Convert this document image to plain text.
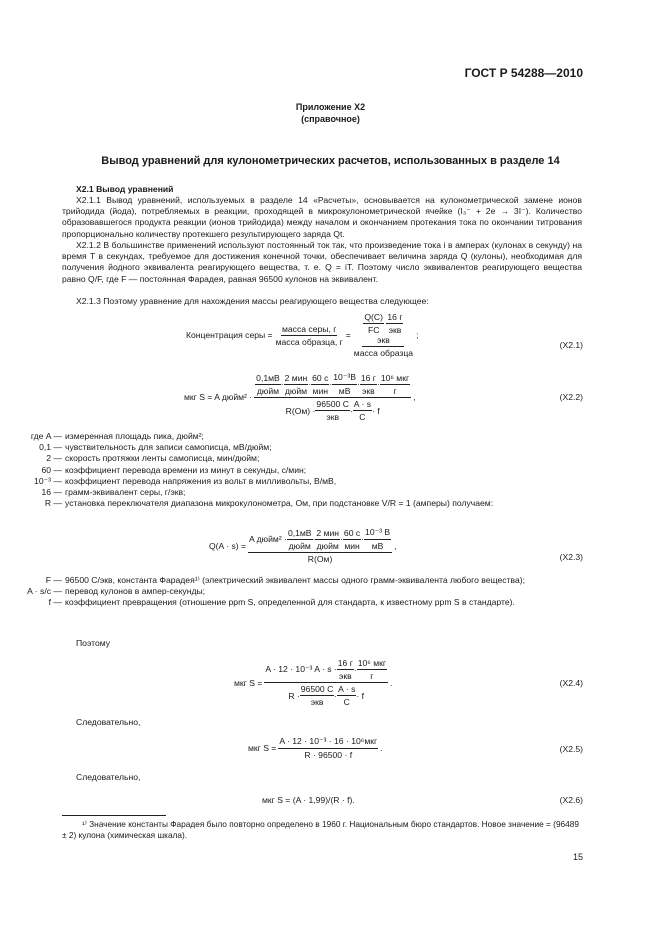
ГОСТ Р 54288—2010
Приложение X2
(справочное)
Вывод уравнений для кулонометрических расчетов, использованных в разделе 14
X2.1 Вывод уравнений
X2.1.1 Вывод уравнений, используемых в разделе 14 «Расчеты», основывается на кулонометрической замене ионов трийодида (йода), потребляемых в реакции, проходящей в микрокулонометрической ячейке (I₃⁻ + 2e → 3I⁻). Количество образовавшегося продукта реакции (ионов трийодида) между началом и окончанием протекания тока по окончании титрования пропорционально количеству протекшего результирующего заряда Qt.
X2.1.2 В большинстве применений используют постоянный ток так, что произведение тока i в амперах (кулонах в секунду) на время T в секундах, требуемое для достижения конечной точки, обеспечивает величина заряда Q (кулоны), необходимая для получения йодного эквивалента реагирующего вещества, т. е. Q = iT. Поэтому число эквивалентов реагирующего вещества равно Q/F, где F — постоянная Фарадея, равная 96500 кулонов на эквивалент.
X2.1.3 Поэтому уравнение для нахождения массы реагирующего вещества следующее:
Концентрация серы = $\frac{\text{масса серы, г}}{\text{масса образца, г}} = \frac{Q(C)}{FC}$
$\frac{16 г}{\text{экв}}$
экв
масса образца ;
(X2.1)
мкг S = A дюйм² ·
$\frac{0,1мВ}{\text{дюйм}} \cdot \frac{\text{2 мин}}{\text{дюйм}} \cdot \frac{60 с}{\text{мин}} \cdot \frac{\text{10⁻³В}}{мВ} \cdot \frac{16 г}{\text{экв}} \cdot \frac{\text{10⁶ мкг}}{г}$
$R(Ом) \cdot \frac{96500 C}{\text{экв}} \cdot \frac{A \cdot s}{C} \cdot f$
,	(X2.2)
где A — измеренная площадь пика, дюйм²;
0,1 — чувствительность для записи самописца, мВ/дюйм;
2 — скорость протяжки ленты самописца, мин/дюйм;
60 — коэффициент перевода времени из минут в секунды, с/мин;
10⁻³ — коэффициент перевода напряжения из вольт в милливольты, В/мВ,
16 — грамм-эквивалент серы, г/экв;
R — установка переключателя диапазона микрокулонометра, Ом, при подстановке V/R = 1 (амперы) получаем:
Q(A · s) =
A дюйм² · $\frac{0,1мВ}{\text{дюйм}} \cdot \frac{\text{2 мин}}{\text{дюйм}} \cdot \frac{60 с}{\text{мин}} \cdot \frac{\text{10⁻³ В}}{мВ}$
R(Ом)
,
(X2.3)
F — 96500 C/экв, константа Фарадея¹⁾ (электрический эквивалент массы одного грамм-эквивалента любого вещества);
A · s/c — перевод кулонов в ампер-секунды;
f — коэффициент превращения (отношение ppm S, определенной для стандарта, к известному ppm S в стандарте).
Поэтому
мкг $S = \frac{A \cdot 12 \cdot 10^{-3} A \cdot s \cdot \frac{16 г}{\text{экв}} \cdot \frac{\text{10⁶ мкг}}{г}}{R \cdot \frac{96500 C}{\text{экв}} \cdot \frac{A \cdot s}{C} \cdot f}$ .	(X2.4)
Следовательно,
мкг $S = \frac{\text{A · 12 · 10⁻³ · 16 · 10⁶мкг}}{R \cdot 96500 \cdot f}$ .	(X2.5)
Следовательно,
мкг S = (A · 1,99)/(R · f).	(X2.6)
¹⁾ Значение константы Фарадея было повторно определено в 1960 г. Национальным бюро стандартов. Новое значение = (96489 ± 2) кулона (химическая шкала).
15
